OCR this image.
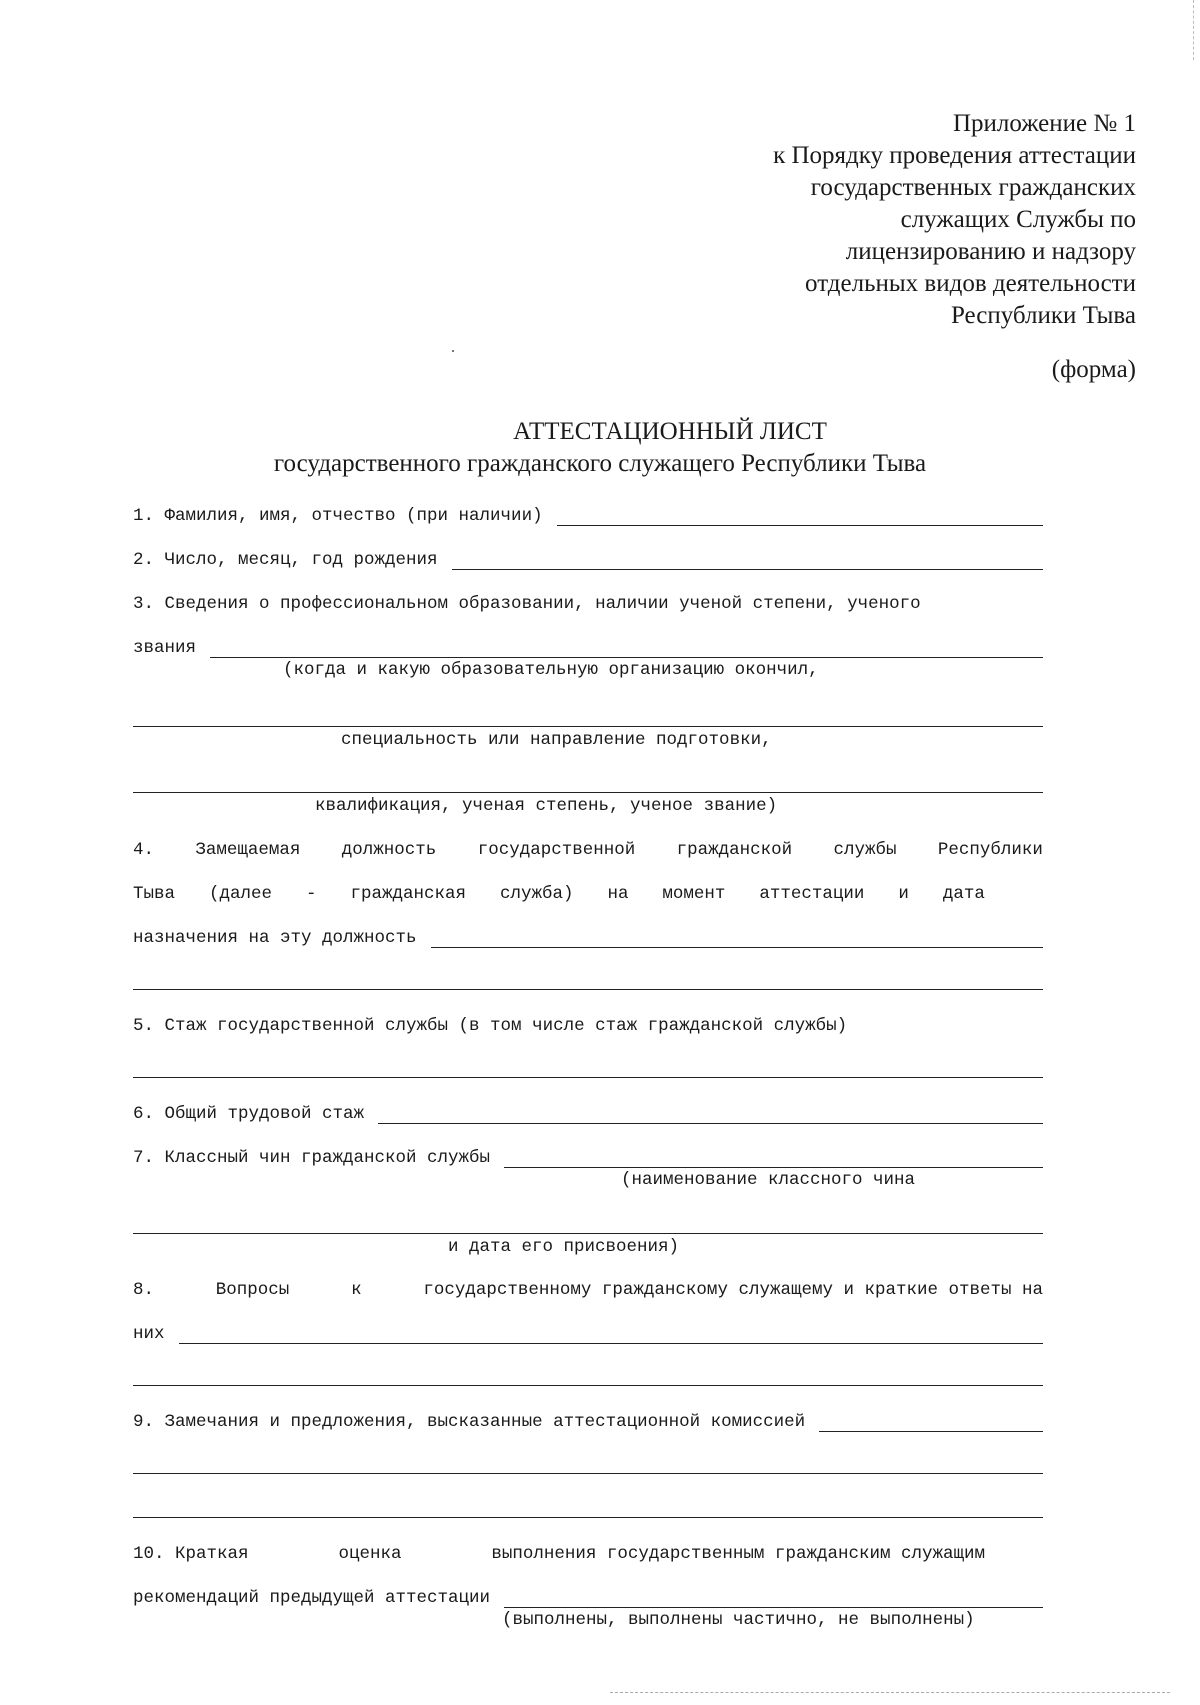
Приложение № 1
к Порядку проведения аттестации
государственных гражданских
служащих Службы по
лицензированию и надзору
отдельных видов деятельности
Республики Тыва
(форма)
АТТЕСТАЦИОННЫЙ ЛИСТ
государственного гражданского служащего Республики Тыва
1. Фамилия, имя, отчество (при наличии)
2. Число, месяц, год рождения
3. Сведения о профессиональном образовании, наличии ученой степени, ученого
звания
(когда и какую образовательную организацию окончил,
специальность или направление подготовки,
квалификация, ученая степень, ученое звание)
4. Замещаемая должность государственной гражданской службы Республики
Тыва (далее - гражданская служба) на момент аттестации и дата
назначения на эту должность
5. Стаж государственной службы (в том числе стаж гражданской службы)
6. Общий трудовой стаж
7. Классный чин гражданской службы
(наименование классного чина
и дата его присвоения)
8.	Вопросы	к	государственному гражданскому служащему и краткие ответы на
них
9. Замечания и предложения, высказанные аттестационной комиссией
10. Краткая	оценка	выполнения государственным гражданским служащим
рекомендаций предыдущей аттестации
(выполнены, выполнены частично, не выполнены)
